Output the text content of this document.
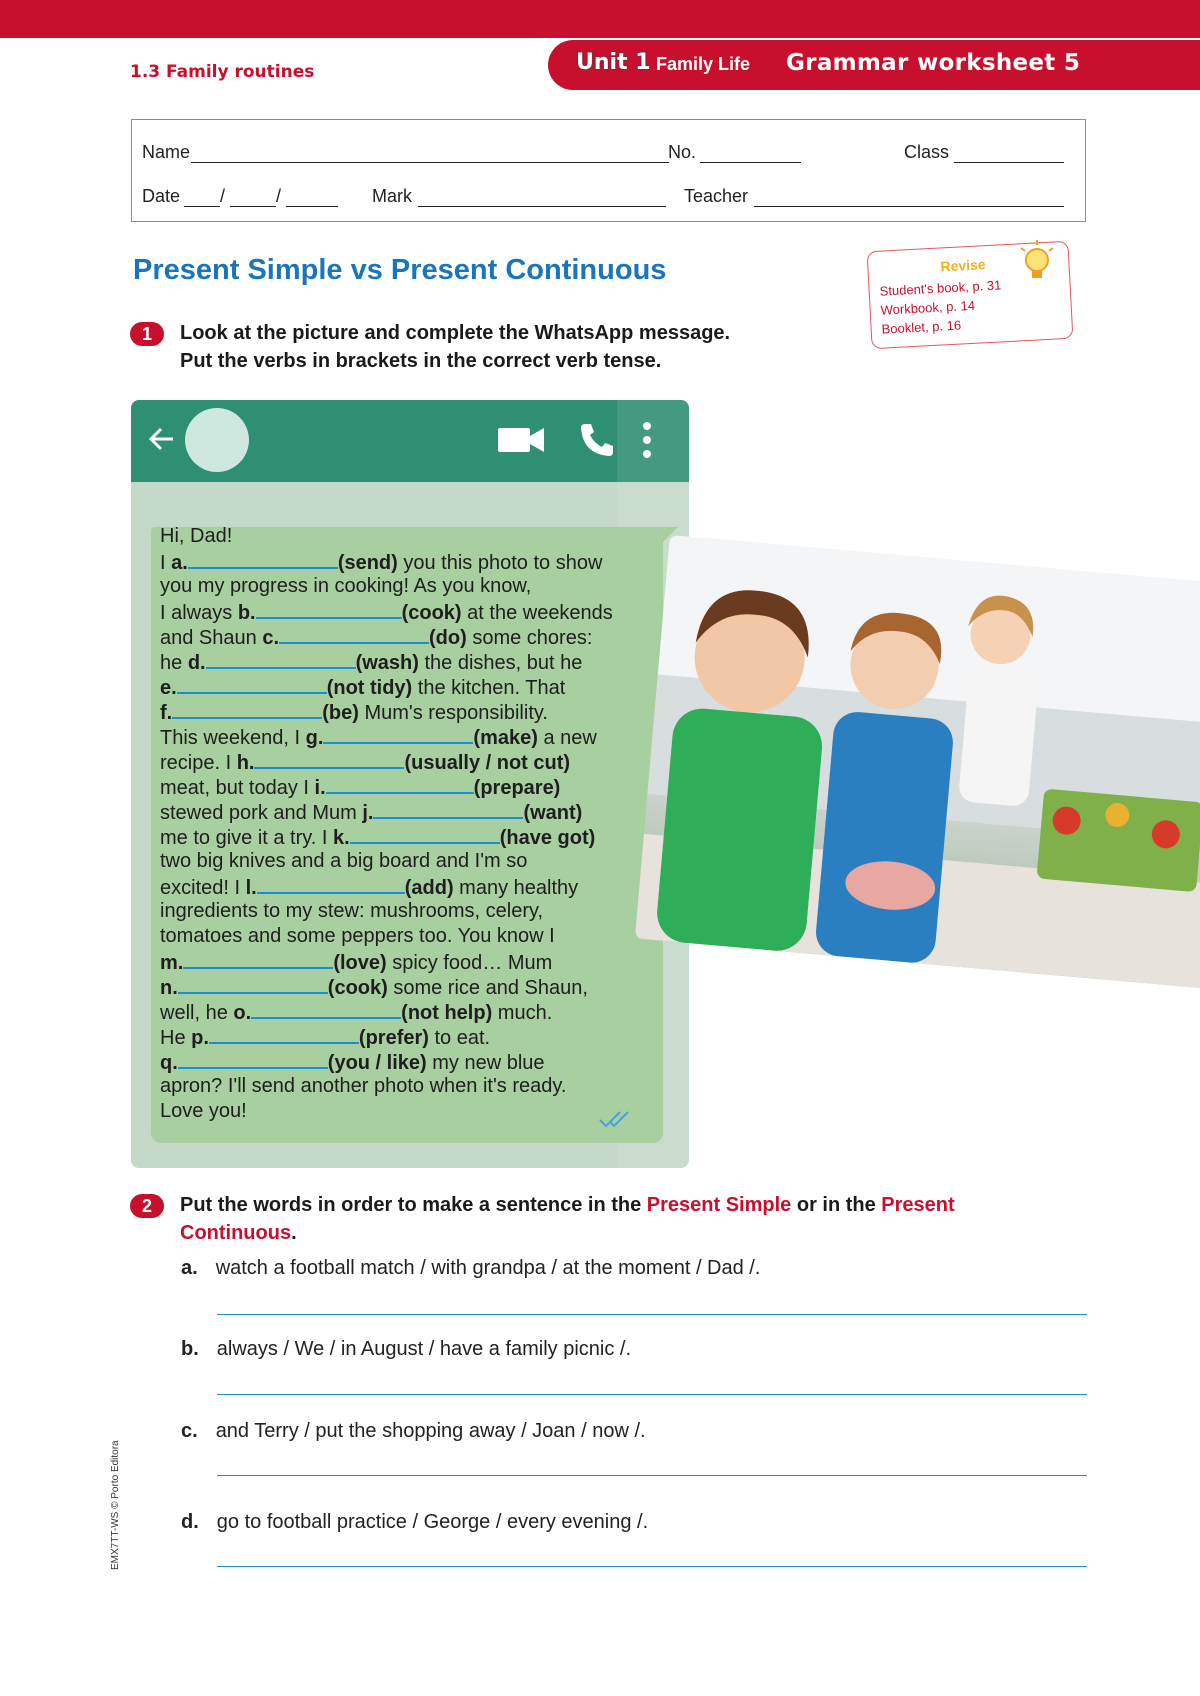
Unit 1 Family Life Grammar worksheet 5
1.3 Family routines
Name	No.	Class
Date /	/	Mark	Teacher
Present Simple vs Present Continuous	Revise
Student's book, p. 31
Workbook, p. 14
Booklet, p. 16
1	Look at the picture and complete the WhatsApp message.
Put the verbs in brackets in the correct verb tense.
Hi, Dad!
I a.	(send) you this photo to show
you my progress in cooking! As you know,
I always b.	(cook) at the weekends
and Shaun c.	(do) some chores:
he d.	(wash) the dishes, but he
e.	(not tidy) the kitchen. That
f.	(be) Mum's responsibility.
This weekend, I g.	(make) a new
recipe. I h.	(usually / not cut)
meat, but today I i.	(prepare)
stewed pork and Mum j.	(want)
me to give it a try. I k.	(have got)
two big knives and a big board and I'm so
excited! I l.	(add) many healthy
ingredients to my stew: mushrooms, celery,
tomatoes and some peppers too. You know I
m.	(love) spicy food… Mum
n.	(cook) some rice and Shaun,
well, he o.	(not help) much.
He p.	(prefer) to eat.
q.	(you / like) my new blue
apron? I'll send another photo when it's ready.
Love you!
2	Put the words in order to make a sentence in the Present Simple or in the Present
Continuous.
a. watch a football match / with grandpa / at the moment / Dad /.
b. always / We / in August / have a family picnic /.
c. and Terry / put the shopping away / Joan / now /.
d. go to football practice / George / every evening /.
EMX7TT-WS © Porto Editora
